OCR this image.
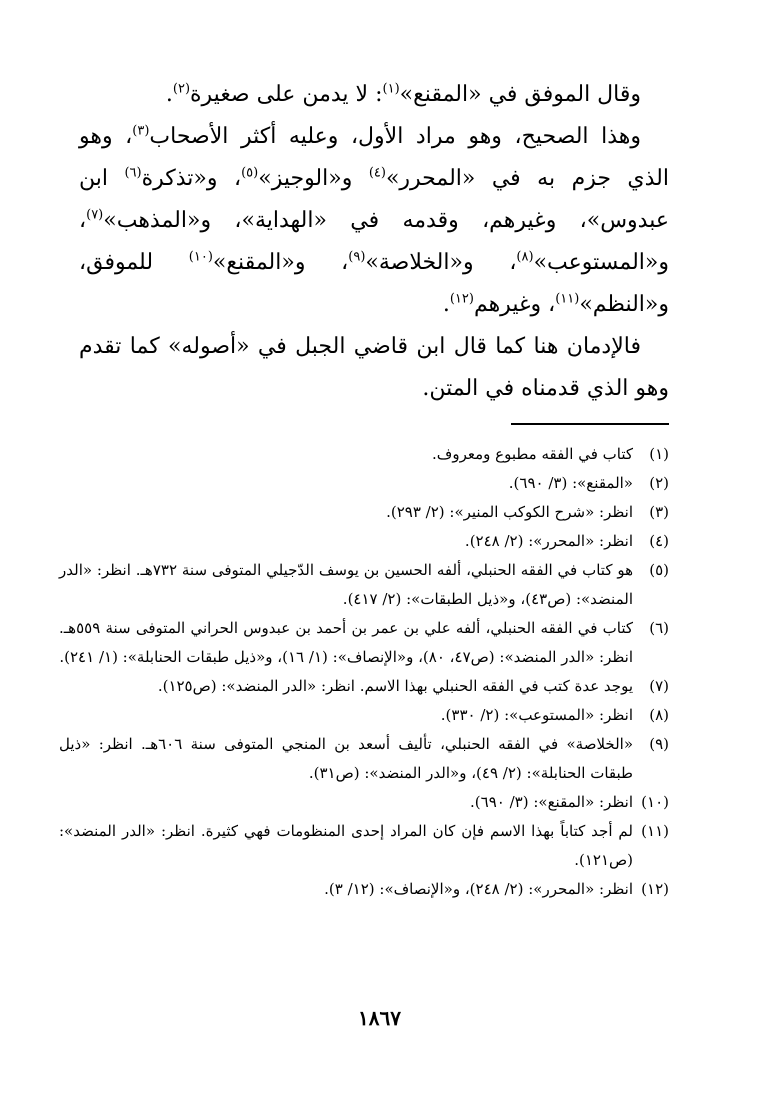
وقال الموفق في «المقنع»$^{(١)}$: لا يدمن على صغيرة$^{(٢)}$.

وهذا الصحيح، وهو مراد الأول، وعليه أكثر الأصحاب$^{(٣)}$، وهو الذي جزم به في «المحرر»$^{(٤)}$ و«الوجيز»$^{(٥)}$، و«تذكرة$^{(٦)}$ ابن عبدوس»، وغيرهم، وقدمه في «الهداية»، و«المذهب»$^{(٧)}$، و«المستوعب»$^{(٨)}$، و«الخلاصة»$^{(٩)}$، و«المقنع»$^{(١٠)}$ للموفق، و«النظم»$^{(١١)}$، وغيرهم$^{(١٢)}$.

فالإدمان هنا كما قال ابن قاضي الجبل في «أصوله» كما تقدم وهو الذي قدمناه في المتن.

(١)
كتاب في الفقه مطبوع ومعروف.
(٢)
«المقنع»: (٣/ ٦٩٠).
(٣)
انظر: «شرح الكوكب المنير»: (٢/ ٢٩٣).
(٤)
انظر: «المحرر»: (٢/ ٢٤٨).
(٥)
هو كتاب في الفقه الحنبلي، ألفه الحسين بن يوسف الدّجيلي المتوفى سنة ٧٣٢هـ. انظر: «الدر المنضد»: (ص٤٣)، و«ذيل الطبقات»: (٢/ ٤١٧).
(٦)
كتاب في الفقه الحنبلي، ألفه علي بن عمر بن أحمد بن عبدوس الحراني المتوفى سنة ٥٥٩هـ. انظر: «الدر المنضد»: (ص٤٧، ٨٠)، و«الإنصاف»: (١/ ١٦)، و«ذيل طبقات الحنابلة»: (١/ ٢٤١).
(٧)
يوجد عدة كتب في الفقه الحنبلي بهذا الاسم. انظر: «الدر المنضد»: (ص١٢٥).
(٨)
انظر: «المستوعب»: (٢/ ٣٣٠).
(٩)
«الخلاصة» في الفقه الحنبلي، تأليف أسعد بن المنجي المتوفى سنة ٦٠٦هـ. انظر: «ذيل طبقات الحنابلة»: (٢/ ٤٩)، و«الدر المنضد»: (ص٣١).
(١٠)
انظر: «المقنع»: (٣/ ٦٩٠).
(١١)
لم أجد كتاباً بهذا الاسم فإن كان المراد إحدى المنظومات فهي كثيرة. انظر: «الدر المنضد»: (ص١٢١).
(١٢)
انظر: «المحرر»: (٢/ ٢٤٨)، و«الإنصاف»: (١٢/ ٣).
١٨٦٧
